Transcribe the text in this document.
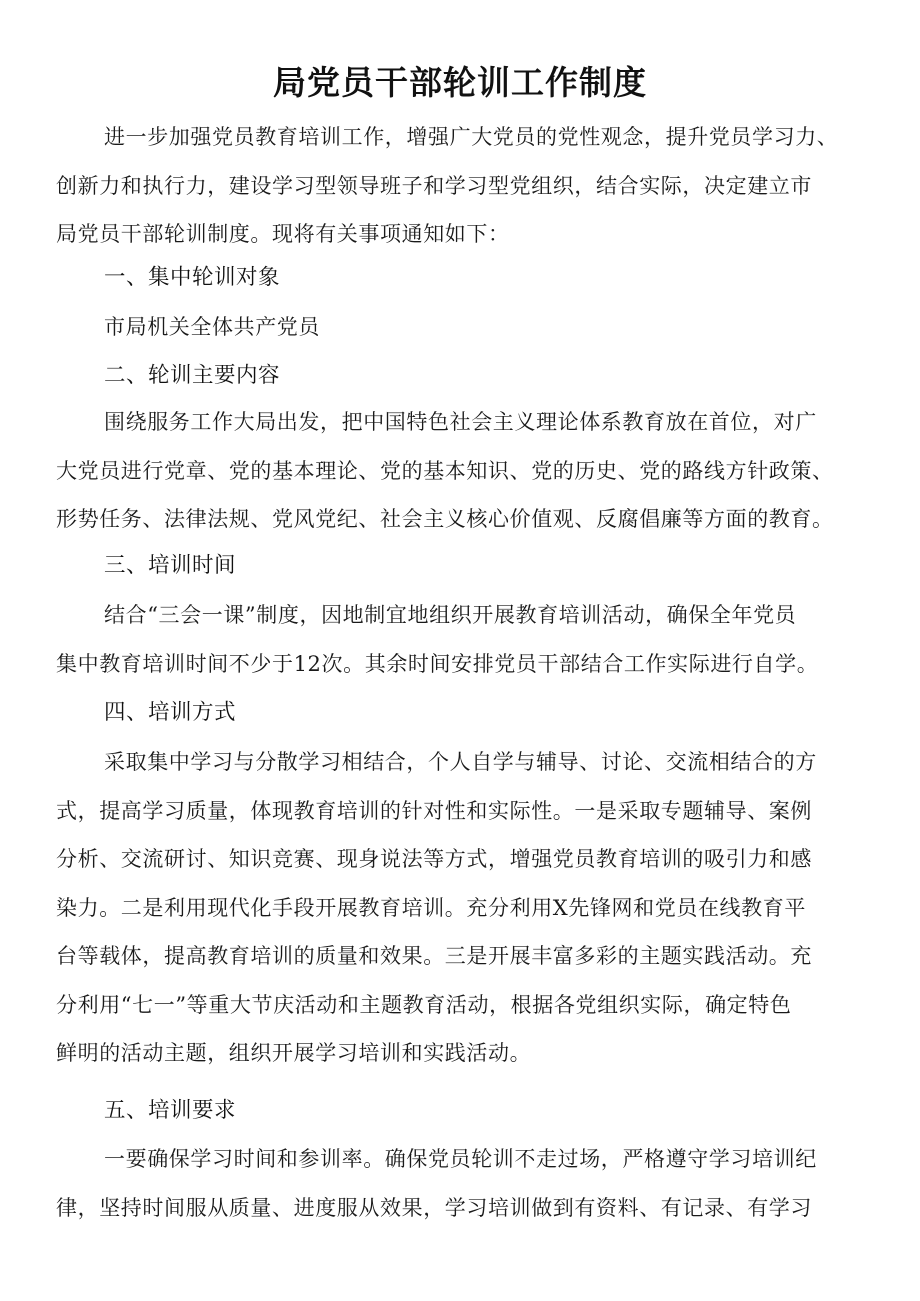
局党员干部轮训工作制度
进一步加强党员教育培训工作，增强广大党员的党性观念，提升党员学习力、
创新力和执行力，建设学习型领导班子和学习型党组织，结合实际，决定建立市
局党员干部轮训制度。现将有关事项通知如下：
一、集中轮训对象
市局机关全体共产党员
二、轮训主要内容
围绕服务工作大局出发，把中国特色社会主义理论体系教育放在首位，对广
大党员进行党章、党的基本理论、党的基本知识、党的历史、党的路线方针政策、
形势任务、法律法规、党风党纪、社会主义核心价值观、反腐倡廉等方面的教育。
三、培训时间
结合“三会一课”制度，因地制宜地组织开展教育培训活动，确保全年党员
集中教育培训时间不少于12次。其余时间安排党员干部结合工作实际进行自学。
四、培训方式
采取集中学习与分散学习相结合，个人自学与辅导、讨论、交流相结合的方
式，提高学习质量，体现教育培训的针对性和实际性。一是采取专题辅导、案例
分析、交流研讨、知识竞赛、现身说法等方式，增强党员教育培训的吸引力和感
染力。二是利用现代化手段开展教育培训。充分利用X先锋网和党员在线教育平
台等载体，提高教育培训的质量和效果。三是开展丰富多彩的主题实践活动。充
分利用“七一”等重大节庆活动和主题教育活动，根据各党组织实际，确定特色
鲜明的活动主题，组织开展学习培训和实践活动。
五、培训要求
一要确保学习时间和参训率。确保党员轮训不走过场，严格遵守学习培训纪
律，坚持时间服从质量、进度服从效果，学习培训做到有资料、有记录、有学习
